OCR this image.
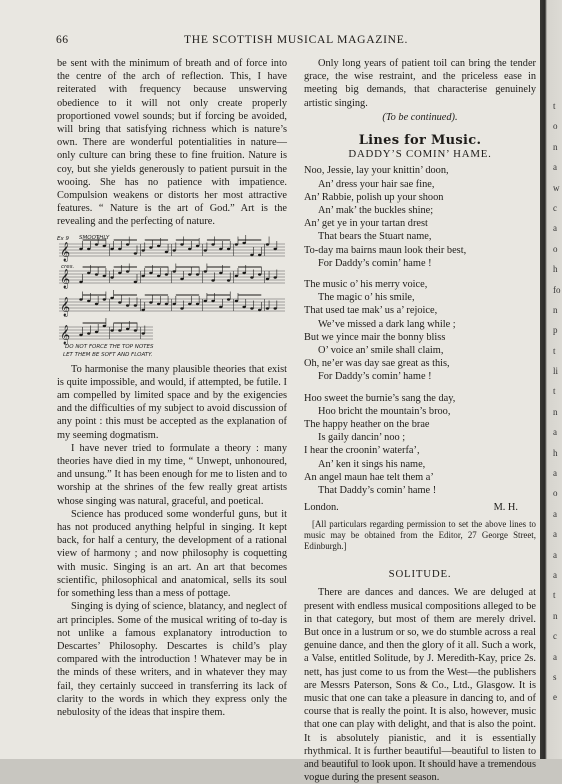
66	THE SCOTTISH MUSICAL MAGAZINE.

be sent with the minimum of breath and of force into the centre of the arch of reflection. This, I have reiterated with frequency because unswerving obedience to it will not only create properly proportioned vowel sounds; but if forcing be avoided, will bring that satisfying richness which is nature’s own. There are wonderful potentialities in nature—only culture can bring these to fine fruition. Nature is coy, but she yields generously to patient pursuit in the wooing. She has no patience with impatience. Compulsion weakens or distorts her most attractive features. “ Nature is the art of God.” Art is the revealing and the perfecting of nature.

𝄞
𝄞
𝄞
𝄞
Ex 9 SMOOTHLY
cres.
DO NOT FORCE THE TOP NOTES
LET THEM BE SOFT AND FLOATY.

To harmonise the many plausible theories that exist is quite impossible, and would, if attempted, be futile. I am compelled by limited space and by the exigencies and the difficulties of my subject to avoid discussion of any point : this must be accepted as the explanation of my seeming dogmatism.

I have never tried to formulate a theory : many theories have died in my time, “ Unwept, unhonoured, and unsung.” It has been enough for me to listen and to worship at the shrines of the few really great artists whose singing was natural, graceful, and poetical.

Science has produced some wonderful guns, but it has not produced anything helpful in singing. It kept back, for half a century, the development of a rational view of harmony ; and now philosophy is coquetting with music. Singing is an art. An art that becomes scientific, philosophical and anatomical, sells its soul for something less than a mess of pottage.

Singing is dying of science, blatancy, and neglect of art principles. Some of the musical writing of to-day is not unlike a famous explanatory introduction to Descartes’ Philosophy. Descartes is child’s play compared with the introduction ! Whatever may be in the minds of these writers, and in whatever they may fail, they certainly succeed in transferring its lack of clarity to the words in which they express only the nebulosity of the ideas that inspire them.

Only long years of patient toil can bring the tender grace, the wise restraint, and the priceless ease in meeting big demands, that characterise genuinely artistic singing.

(To be continued).
Lines for Music.
DADDY’S COMIN’ HAME.
Noo, Jessie, lay your knittin’ doon,
An’ dress your hair sae fine,
An’ Rabbie, polish up your shoon
An’ mak’ the buckles shine;
An’ get ye in your tartan drest
That bears the Stuart name,
To-day ma bairns maun look their best,
For Daddy’s comin’ hame !
The music o’ his merry voice,
The magic o’ his smile,
That used tae mak’ us a’ rejoice,
We’ve missed a dark lang while ;
But we yince mair the bonny bliss
O’ voice an’ smile shall claim,
Oh, ne’er was day sae great as this,
For Daddy’s comin’ hame !
Hoo sweet the burnie’s sang the day,
Hoo bricht the mountain’s broo,
The happy heather on the brae
Is gaily dancin’ noo ;
I hear the croonin’ waterfa’,
An’ ken it sings his name,
An angel maun hae telt them a’
That Daddy’s comin’ hame !
London.	M. H.

[All particulars regarding permission to set the above lines to music may be obtained from the Editor, 27 George Street, Edinburgh.]

SOLITUDE.

There are dances and dances. We are deluged at present with endless musical compositions alleged to be in that category, but most of them are merely drivel. But once in a lustrum or so, we do stumble across a real genuine dance, and then the glory of it all. Such a work, a Valse, entitled Solitude, by J. Meredith-Kay, price 2s. nett, has just come to us from the West—the publishers are Messrs Paterson, Sons & Co., Ltd., Glasgow. It is music that one can take a pleasure in dancing to, and of course that is really the point. It is also, however, music that one can play with delight, and that is also the point. It is absolutely pianistic, and it is essentially rhythmical. It is further beautiful—beautiful to listen to and beautiful to look upon. It should have a tremendous vogue during the present season.

t
o
n
a
w
c
a
o
h
fo
n
p
t
li
t
n
a
h
a
o
a
a
a
a
t
n
c
a
s
e
